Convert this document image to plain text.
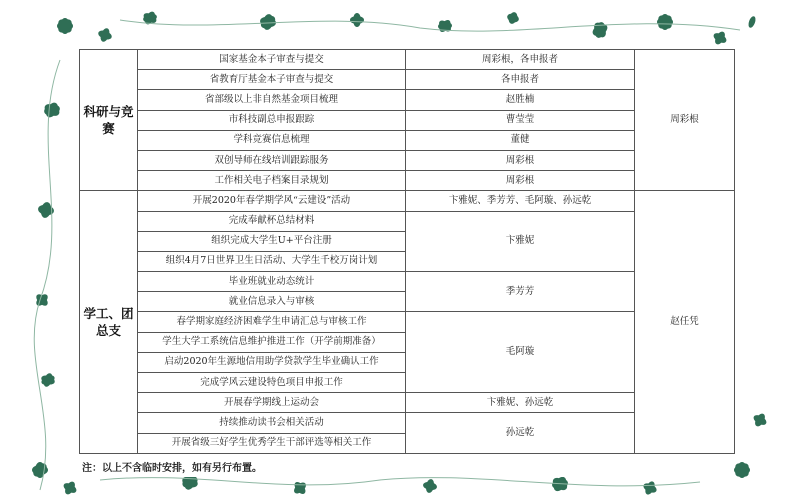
科研与竞赛	国家基金本子审查与提交	周彩根，各申报者	周彩根
	省教育厅基金本子审查与提交	各申报者	
	省部级以上非自然基金项目梳理	赵胜楠	
	市科技副总申报跟踪	曹莹莹	
	学科竞赛信息梳理	董健	
	双创导师在线培训跟踪服务	周彩根	
	工作相关电子档案目录规划	周彩根	
学工、团总支	开展2020年春学期学风“云建设”活动	卞雅妮、季芳芳、毛阿璇、孙远乾	赵任凭
	完成奉献杯总结材料	卞雅妮	
	组织完成大学生U+平台注册		
	组织4月7日世界卫生日活动、大学生千校万岗计划		
	毕业班就业动态统计	季芳芳	
	就业信息录入与审核		
	春学期家庭经济困难学生申请汇总与审核工作	毛阿璇	
	学生大学工系统信息维护推进工作（开学前期准备）		
	启动2020年生源地信用助学贷款学生毕业确认工作		
	完成学风云建设特色项目申报工作		
	开展春学期线上运动会	卞雅妮、孙远乾	
	持续推动读书会相关活动	孙远乾	
	开展省级三好学生优秀学生干部评选等相关工作		
注：以上不含临时安排，如有另行布置。
